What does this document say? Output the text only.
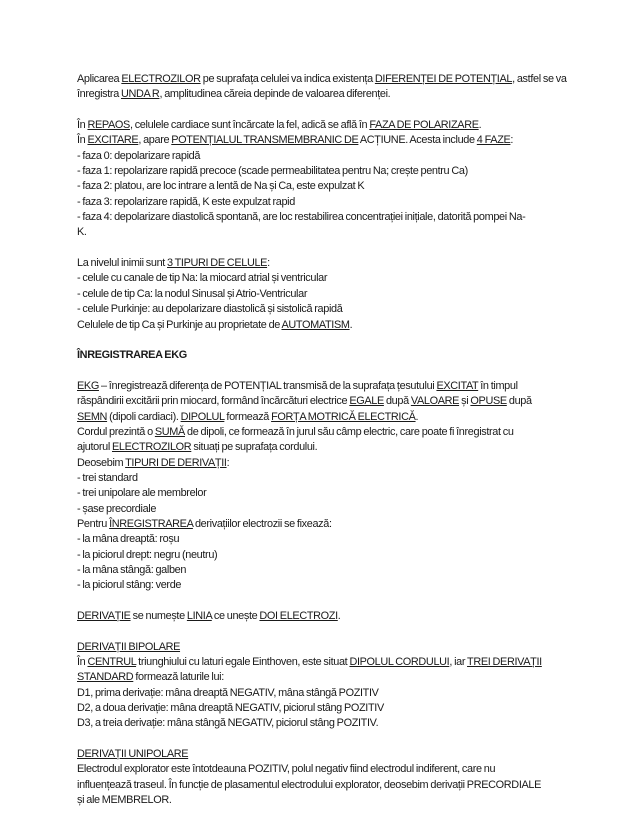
Aplicarea ELECTROZILOR pe suprafața celulei va indica existența DIFERENȚEI DE POTENȚIAL, astfel se va
înregistra UNDA R, amplitudinea căreia depinde de valoarea diferenței.
În REPAOS, celulele cardiace sunt încărcate la fel, adică se află în FAZA DE POLARIZARE.
În EXCITARE, apare POTENȚIALUL TRANSMEMBRANIC DE ACȚIUNE. Acesta include 4 FAZE:
- faza 0: depolarizare rapidă
- faza 1: repolarizare rapidă precoce (scade permeabilitatea pentru Na; crește pentru Ca)
- faza 2: platou, are loc intrare a lentă de Na și Ca, este expulzat K
- faza 3: repolarizare rapidă, K este expulzat rapid
- faza 4: depolarizare diastolică spontană, are loc restabilirea concentrației inițiale, datorită pompei Na-
K.
La nivelul inimii sunt 3 TIPURI DE CELULE:
- celule cu canale de tip Na: la miocard atrial și ventricular
- celule de tip Ca: la nodul Sinusal și Atrio-Ventricular
- celule Purkinje: au depolarizare diastolică și sistolică rapidă
Celulele de tip Ca și Purkinje au proprietate de AUTOMATISM.
ÎNREGISTRAREA EKG
EKG – înregistrează diferența de POTENȚIAL transmisă de la suprafața țesutului EXCITAT în timpul
răspândirii excitării prin miocard, formând încărcături electrice EGALE după VALOARE și OPUSE după
SEMN (dipoli cardiaci). DIPOLUL formează FORȚA MOTRICĂ ELECTRICĂ.
Cordul prezintă o SUMĂ de dipoli, ce formează în jurul său câmp electric, care poate fi înregistrat cu
ajutorul ELECTROZILOR situați pe suprafața cordului.
Deosebim TIPURI DE DERIVAȚII:
- trei standard
- trei unipolare ale membrelor
- șase precordiale
Pentru ÎNREGISTRAREA derivațiilor electrozii se fixează:
- la mâna dreaptă: roșu
- la piciorul drept: negru (neutru)
- la mâna stângă: galben
- la piciorul stâng: verde
DERIVAȚIE se numește LINIA ce unește DOI ELECTROZI.
DERIVAȚII BIPOLARE
În CENTRUL triunghiului cu laturi egale Einthoven, este situat DIPOLUL CORDULUI, iar TREI DERIVAȚII
STANDARD formează laturile lui:
D1, prima derivație: mâna dreaptă NEGATIV, mâna stângă POZITIV
D2, a doua derivație: mâna dreaptă NEGATIV, piciorul stâng POZITIV
D3, a treia derivație: mâna stângă NEGATIV, piciorul stâng POZITIV.
DERIVAȚII UNIPOLARE
Electrodul explorator este întotdeauna POZITIV, polul negativ fiind electrodul indiferent, care nu
influențează traseul. În funcție de plasamentul electrodului explorator, deosebim derivații PRECORDIALE
și ale MEMBRELOR.
